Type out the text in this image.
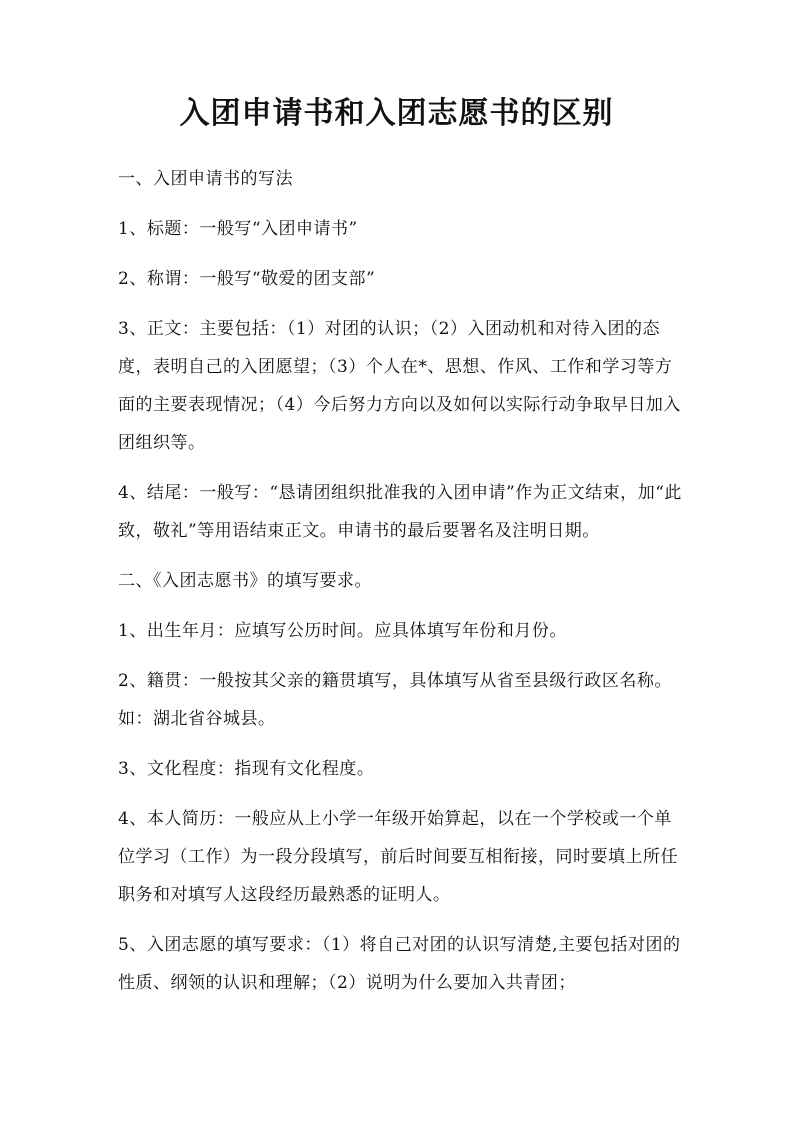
入团申请书和入团志愿书的区别

一、入团申请书的写法

1、标题：一般写“入团申请书”

2、称谓：一般写“敬爱的团支部”

3、正文：主要包括：（1）对团的认识；（2）入团动机和对待入团的态度，表明自己的入团愿望；（3）个人在*、思想、作风、工作和学习等方面的主要表现情况；（4）今后努力方向以及如何以实际行动争取早日加入团组织等。

4、结尾：一般写：“恳请团组织批准我的入团申请”作为正文结束，加“此致，敬礼”等用语结束正文。申请书的最后要署名及注明日期。

二、《入团志愿书》的填写要求。

1、出生年月：应填写公历时间。应具体填写年份和月份。

2、籍贯：一般按其父亲的籍贯填写，具体填写从省至县级行政区名称。如：湖北省谷城县。

3、文化程度：指现有文化程度。

4、本人简历：一般应从上小学一年级开始算起，以在一个学校或一个单位学习（工作）为一段分段填写，前后时间要互相衔接，同时要填上所任职务和对填写人这段经历最熟悉的证明人。

5、入团志愿的填写要求：（1）将自己对团的认识写清楚,主要包括对团的性质、纲领的认识和理解；（2）说明为什么要加入共青团；
